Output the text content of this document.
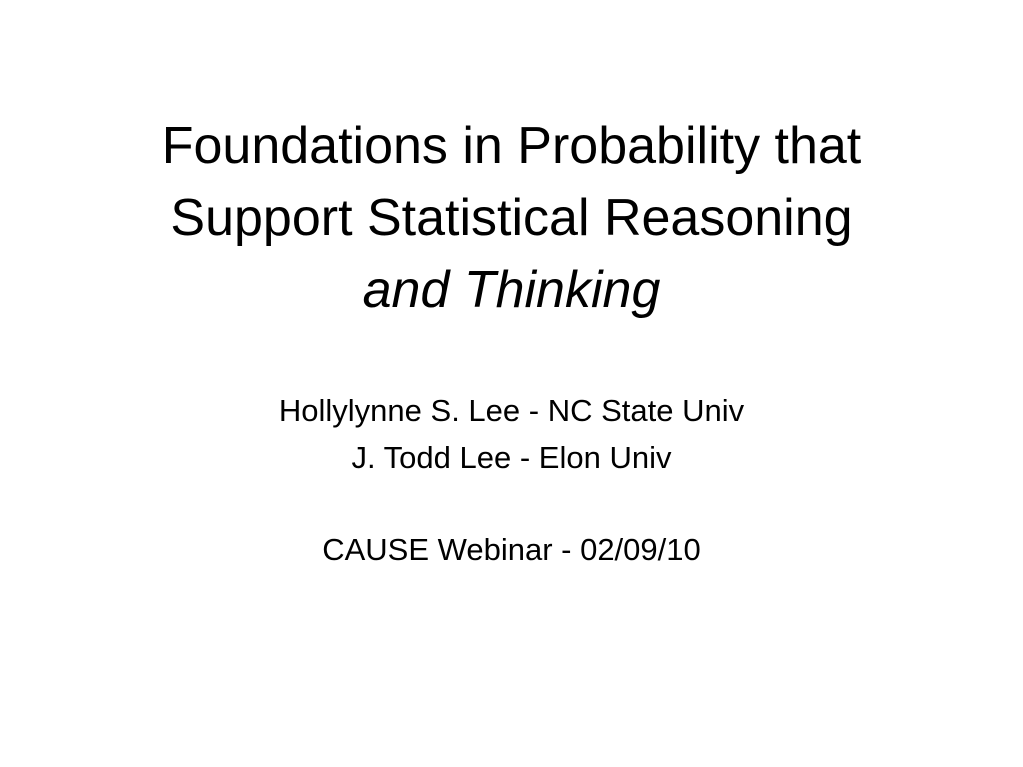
Foundations in Probability that
Support Statistical Reasoning
and Thinking
Hollylynne S. Lee - NC State Univ
J. Todd Lee - Elon Univ
CAUSE Webinar - 02/09/10
